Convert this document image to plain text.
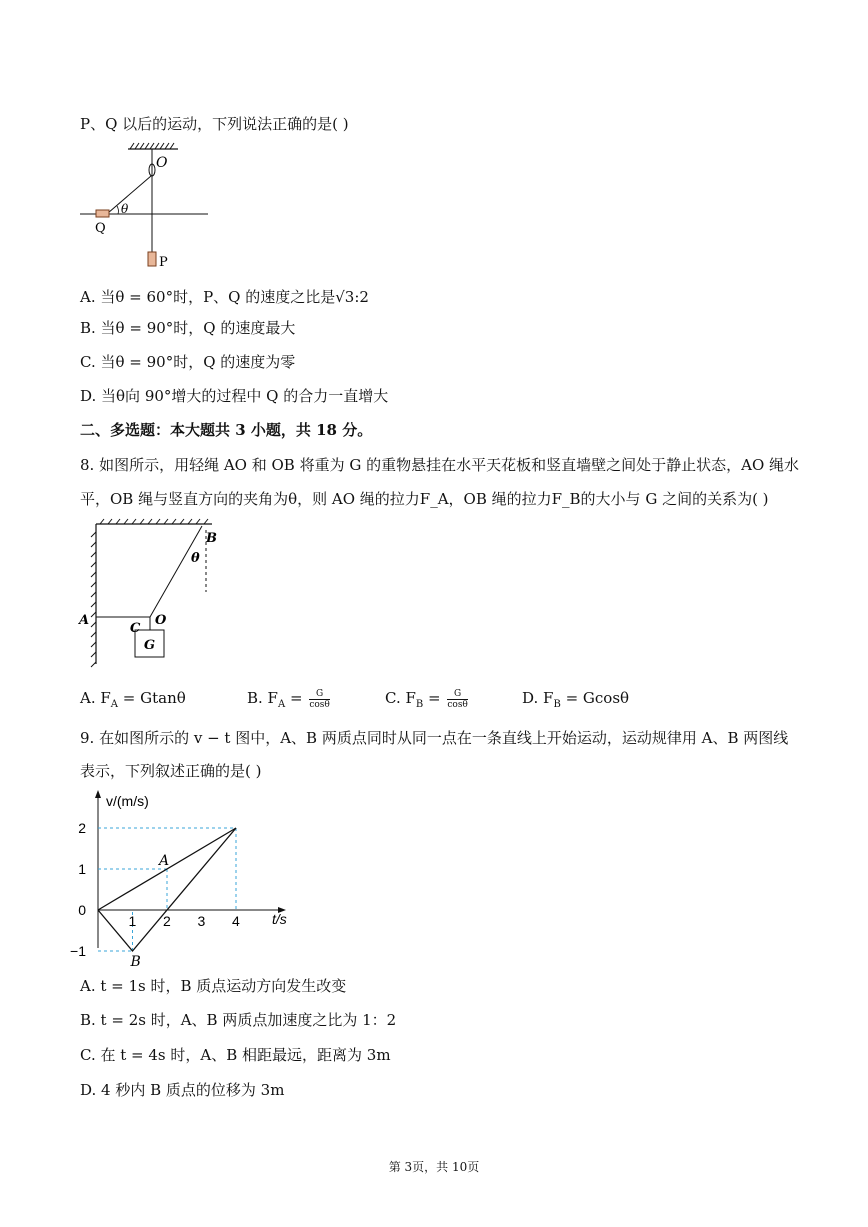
P、Q 以后的运动，下列说法正确的是( )
O
θ
Q
P
A. 当θ = 60°时，P、Q 的速度之比是√3:2
B. 当θ = 90°时，Q 的速度最大
C. 当θ = 90°时，Q 的速度为零
D. 当θ向 90°增大的过程中 Q 的合力一直增大
二、多选题：本大题共 3 小题，共 18 分。
8. 如图所示，用轻绳 AO 和 OB 将重为 G 的重物悬挂在水平天花板和竖直墙壁之间处于静止状态，AO 绳水
平，OB 绳与竖直方向的夹角为θ，则 AO 绳的拉力F_A，OB 绳的拉力F_B的大小与 G 之间的关系为( )
B
θ
A
C
O
G
A. $F_A = Gtan\theta$	B. $F_A = \frac{G}{\cos\theta}$	C. $F_B = \frac{G}{\cos\theta}$	D. $F_B = Gcos\theta$
9. 在如图所示的 v − t 图中，A、B 两质点同时从同一点在一条直线上开始运动，运动规律用 A、B 两图线
表示，下列叙述正确的是( )
v/(m/s)
t/s
A
B
1 2 3 4
2
1
0
−1
A. t = 1s 时，B 质点运动方向发生改变
B. t = 2s 时，A、B 两质点加速度之比为 1：2
C. 在 t = 4s 时，A、B 相距最远，距离为 3m
D. 4 秒内 B 质点的位移为 3m
第 3页，共 10页
